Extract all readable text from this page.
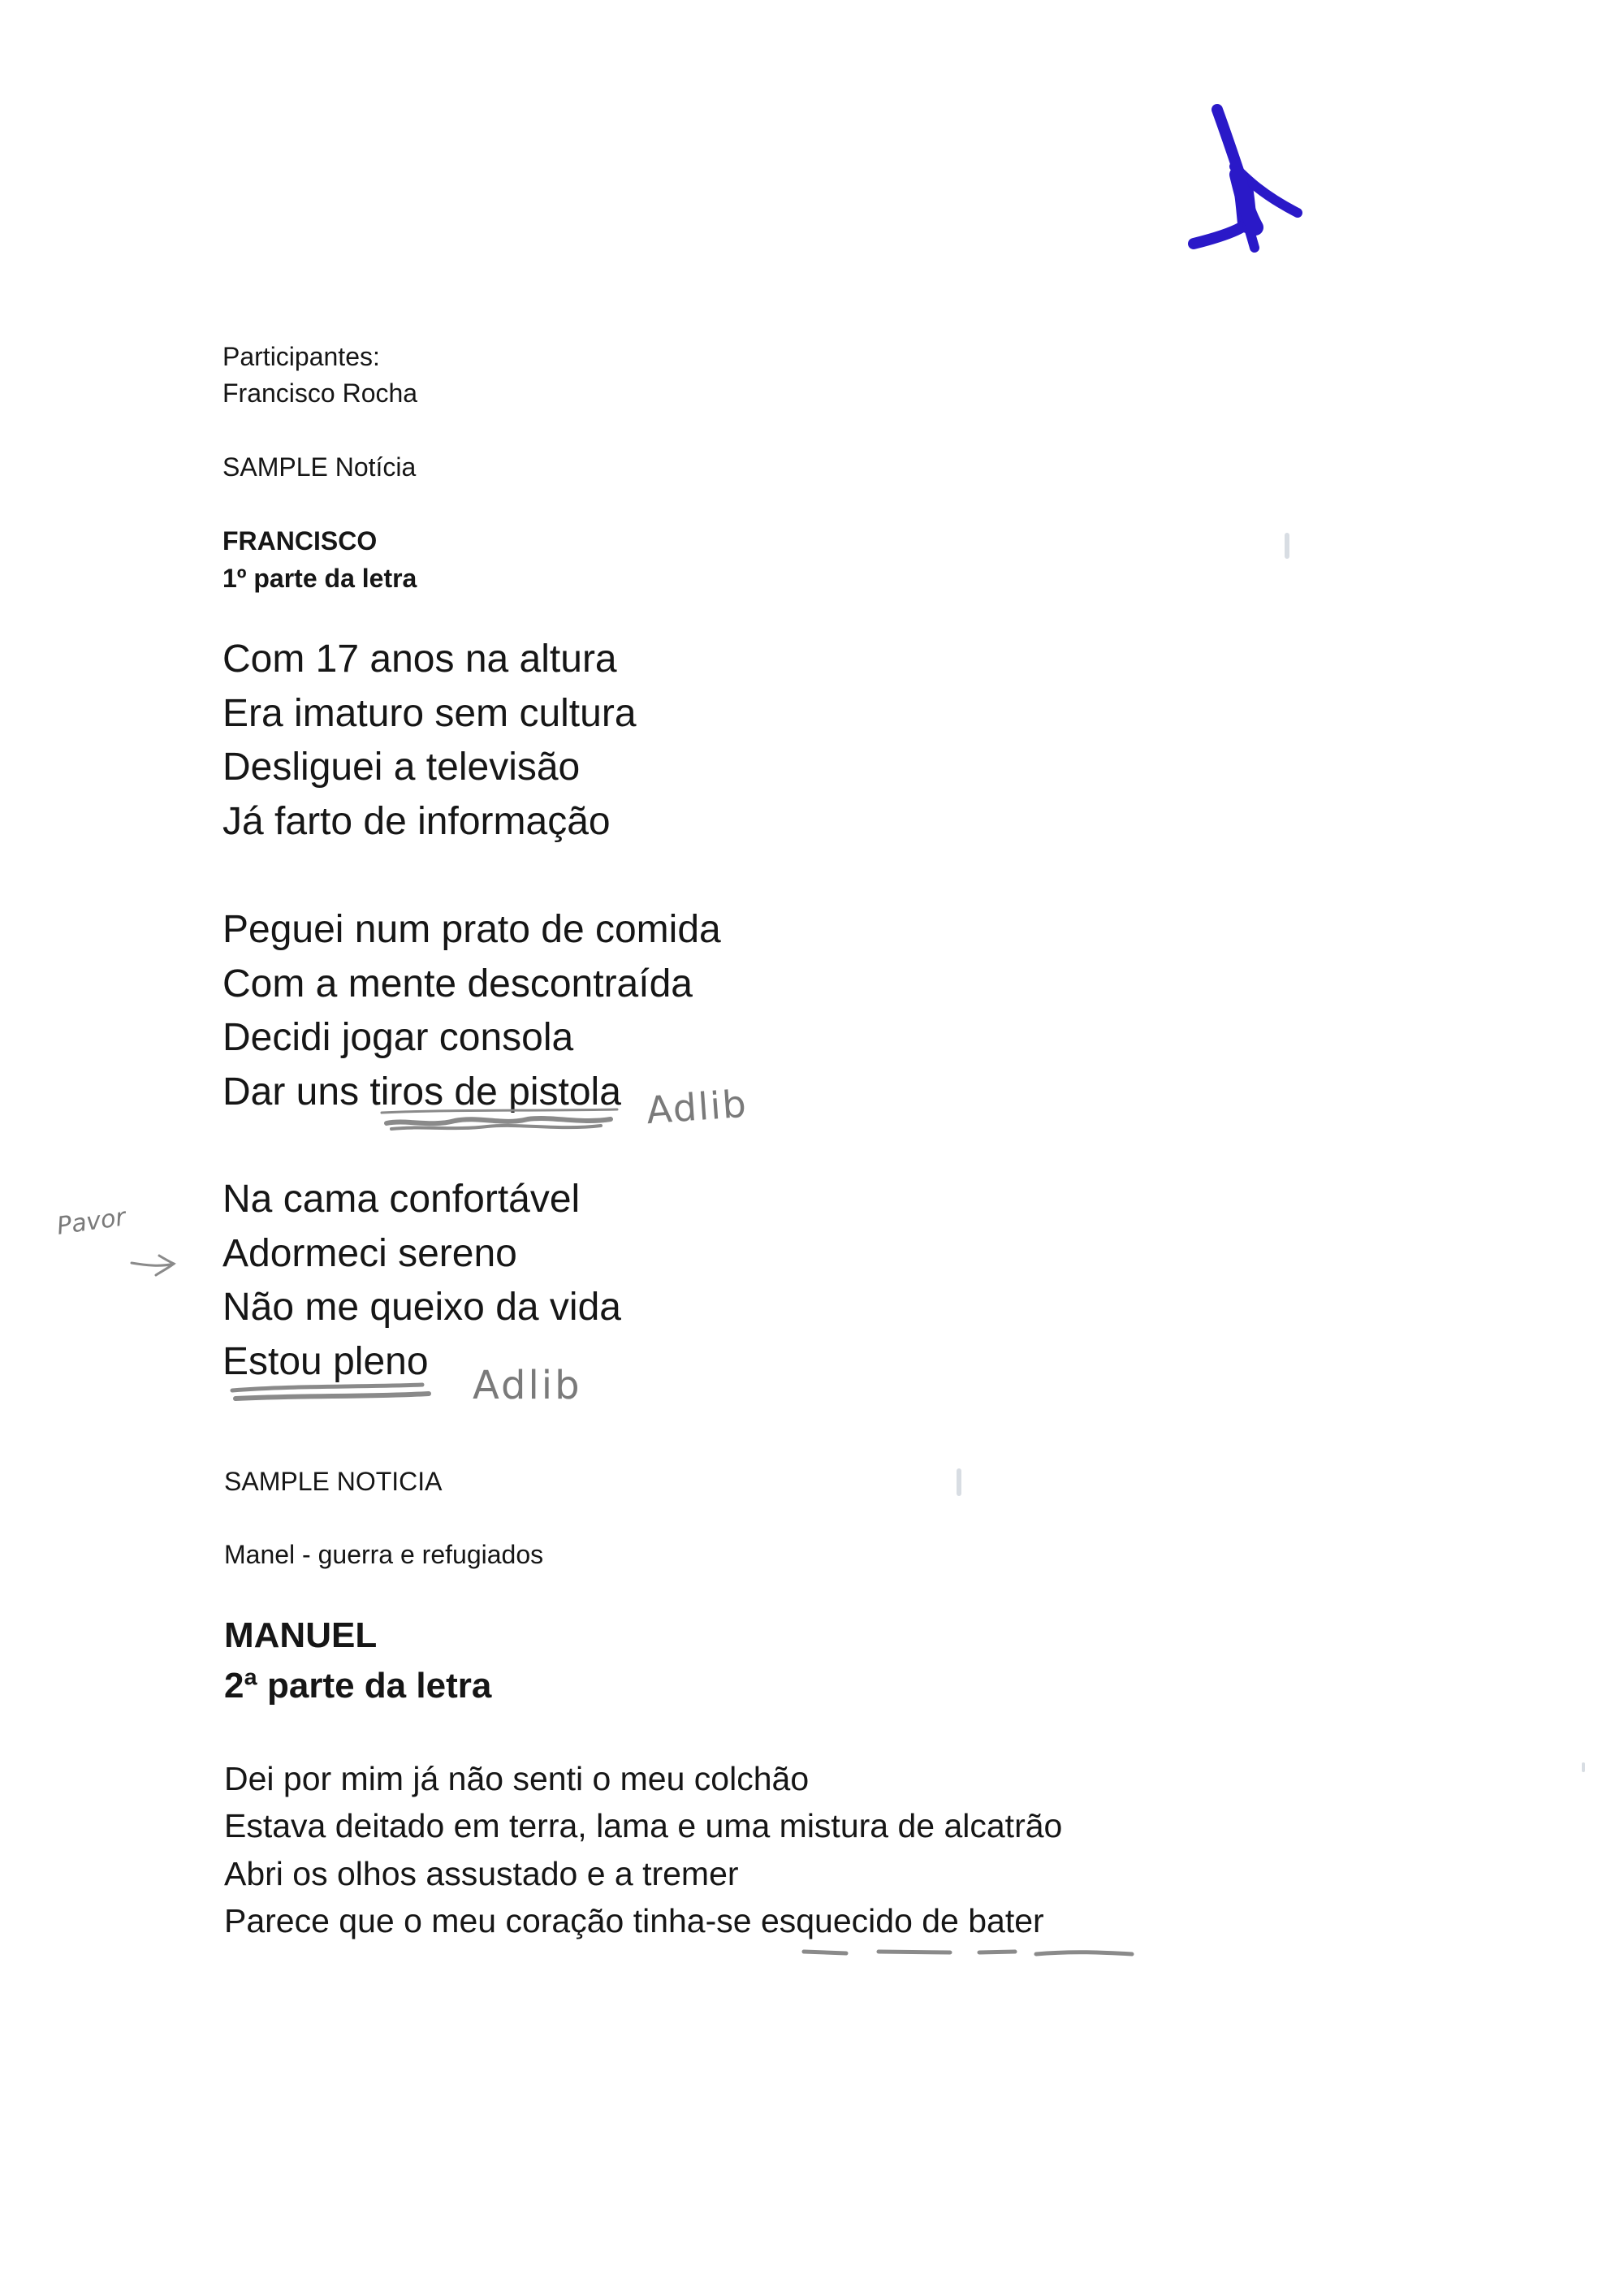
Participantes:
Francisco Rocha
SAMPLE Notícia
FRANCISCO
1º parte da letra
Com 17 anos na altura
Era imaturo sem cultura
Desliguei a televisão
Já farto de informação
Peguei num prato de comida
Com a mente descontraída
Decidi jogar consola
Dar uns tiros de pistola
Na cama confortável
Adormeci sereno
Não me queixo da vida
Estou pleno
SAMPLE NOTICIA
Manel - guerra e refugiados
MANUEL
2ª parte da letra
Dei por mim já não senti o meu colchão
Estava deitado em terra, lama e uma mistura de alcatrão
Abri os olhos assustado e a tremer
Parece que o meu coração tinha-se esquecido de bater
Adlib
Adlib
Pavor
